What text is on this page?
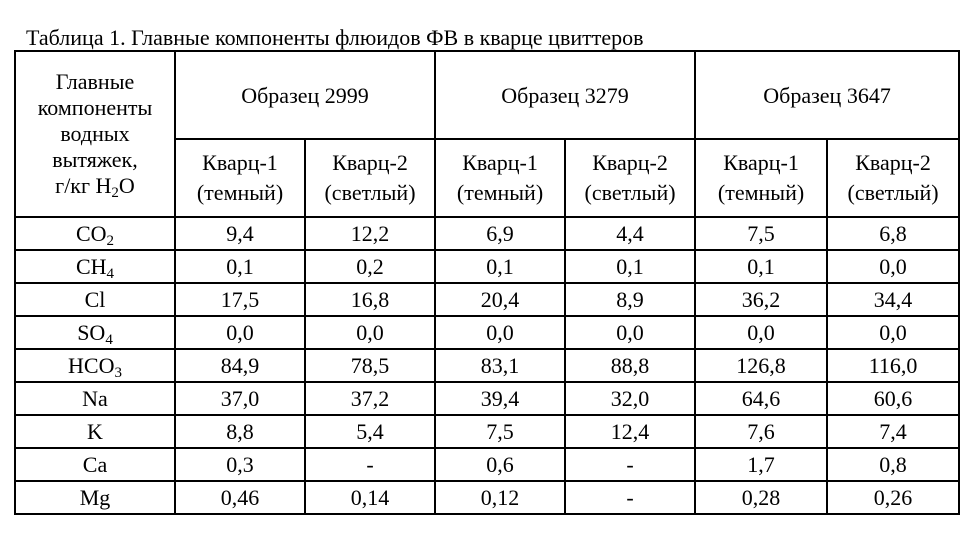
Таблица 1. Главные компоненты флюидов ФВ в кварце цвиттеров
Главные
компоненты
водных
вытяжек,
г/кг $H_2O$	Образец 2999		Образец 3279		Образец 3647	
	Кварц-1
(темный)	Кварц-2
(светлый)	Кварц-1
(темный)	Кварц-2
(светлый)	Кварц-1
(темный)	Кварц-2
(светлый)
$CO_2$	9,4	12,2	6,9	4,4	7,5	6,8
$CH_4$	0,1	0,2	0,1	0,1	0,1	0,0
Cl	17,5	16,8	20,4	8,9	36,2	34,4
$SO_4$	0,0	0,0	0,0	0,0	0,0	0,0
$HCO_3$	84,9	78,5	83,1	88,8	126,8	116,0
Na	37,0	37,2	39,4	32,0	64,6	60,6
K	8,8	5,4	7,5	12,4	7,6	7,4
Ca	0,3	-	0,6	-	1,7	0,8
Mg	0,46	0,14	0,12	-	0,28	0,26
